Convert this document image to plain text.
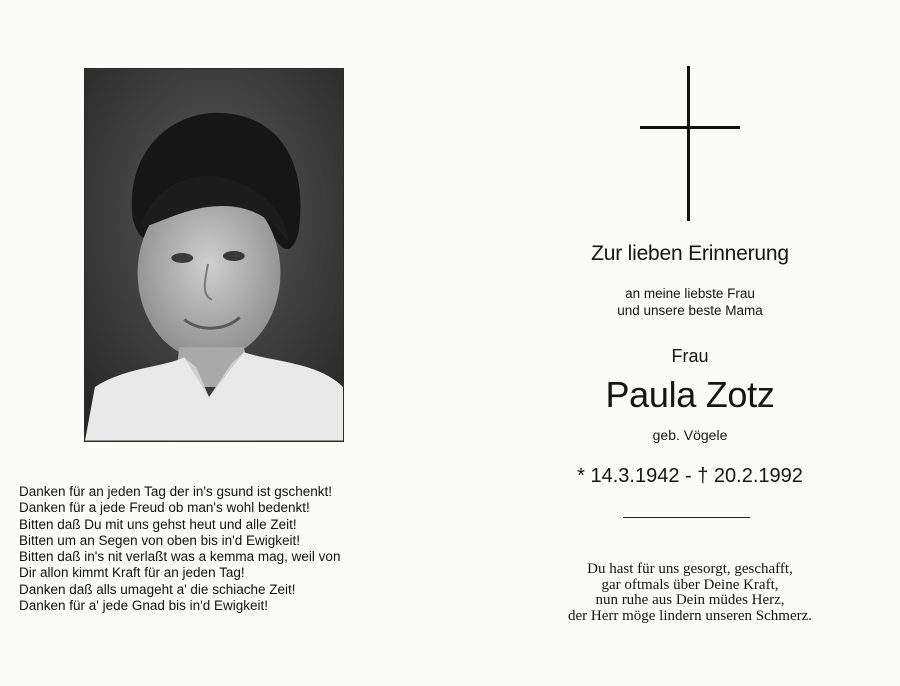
Danken für an jeden Tag der in's gsund ist gschenkt!
Danken für a jede Freud ob man's wohl bedenkt!
Bitten daß Du mit uns gehst heut und alle Zeit!
Bitten um an Segen von oben bis in'd Ewigkeit!
Bitten daß in's nit verlaßt was a kemma mag, weil von
Dir allon kimmt Kraft für an jeden Tag!
Danken daß alls umageht a' die schiache Zeit!
Danken für a' jede Gnad bis in'd Ewigkeit!
Zur lieben Erinnerung
an meine liebste Frau
und unsere beste Mama
Frau
Paula Zotz
geb. Vögele
* 14.3.1942 - † 20.2.1992
Du hast für uns gesorgt, geschafft,
gar oftmals über Deine Kraft,
nun ruhe aus Dein müdes Herz,
der Herr möge lindern unseren Schmerz.
